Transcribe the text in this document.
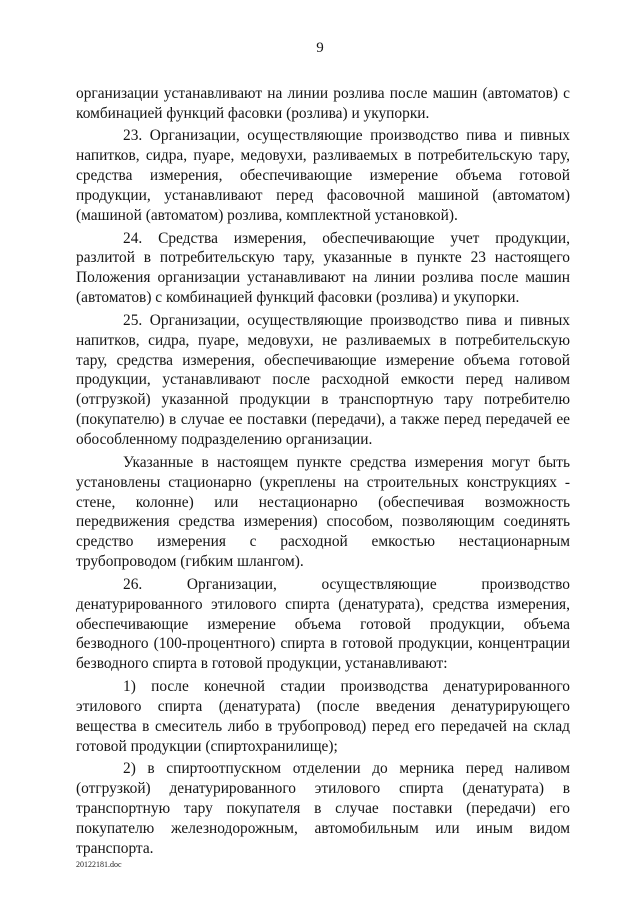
9

организации устанавливают на линии розлива после машин (автоматов) с комбинацией функций фасовки (розлива) и укупорки.

23. Организации, осуществляющие производство пива и пивных напитков, сидра, пуаре, медовухи, разливаемых в потребительскую тару, средства измерения, обеспечивающие измерение объема готовой продукции, устанавливают перед фасовочной машиной (автоматом) (машиной (автоматом) розлива, комплектной установкой).

24. Средства измерения, обеспечивающие учет продукции, разлитой в потребительскую тару, указанные в пункте 23 настоящего Положения организации устанавливают на линии розлива после машин (автоматов) с комбинацией функций фасовки (розлива) и укупорки.

25. Организации, осуществляющие производство пива и пивных напитков, сидра, пуаре, медовухи, не разливаемых в потребительскую тару, средства измерения, обеспечивающие измерение объема готовой продукции, устанавливают после расходной емкости перед наливом (отгрузкой) указанной продукции в транспортную тару потребителю (покупателю) в случае ее поставки (передачи), а также перед передачей ее обособленному подразделению организации.

Указанные в настоящем пункте средства измерения могут быть установлены стационарно (укреплены на строительных конструкциях - стене, колонне) или нестационарно (обеспечивая возможность передвижения средства измерения) способом, позволяющим соединять средство измерения с расходной емкостью нестационарным трубопроводом (гибким шлангом).

26. Организации, осуществляющие производство денатурированного этилового спирта (денатурата), средства измерения, обеспечивающие измерение объема готовой продукции, объема безводного (100-процентного) спирта в готовой продукции, концентрации безводного спирта в готовой продукции, устанавливают:

1) после конечной стадии производства денатурированного этилового спирта (денатурата) (после введения денатурирующего вещества в смеситель либо в трубопровод) перед его передачей на склад готовой продукции (спиртохранилище);

2) в спиртоотпускном отделении до мерника перед наливом (отгрузкой) денатурированного этилового спирта (денатурата) в транспортную тару покупателя в случае поставки (передачи) его покупателю железнодорожным, автомобильным или иным видом транспорта.

20122181.doc
